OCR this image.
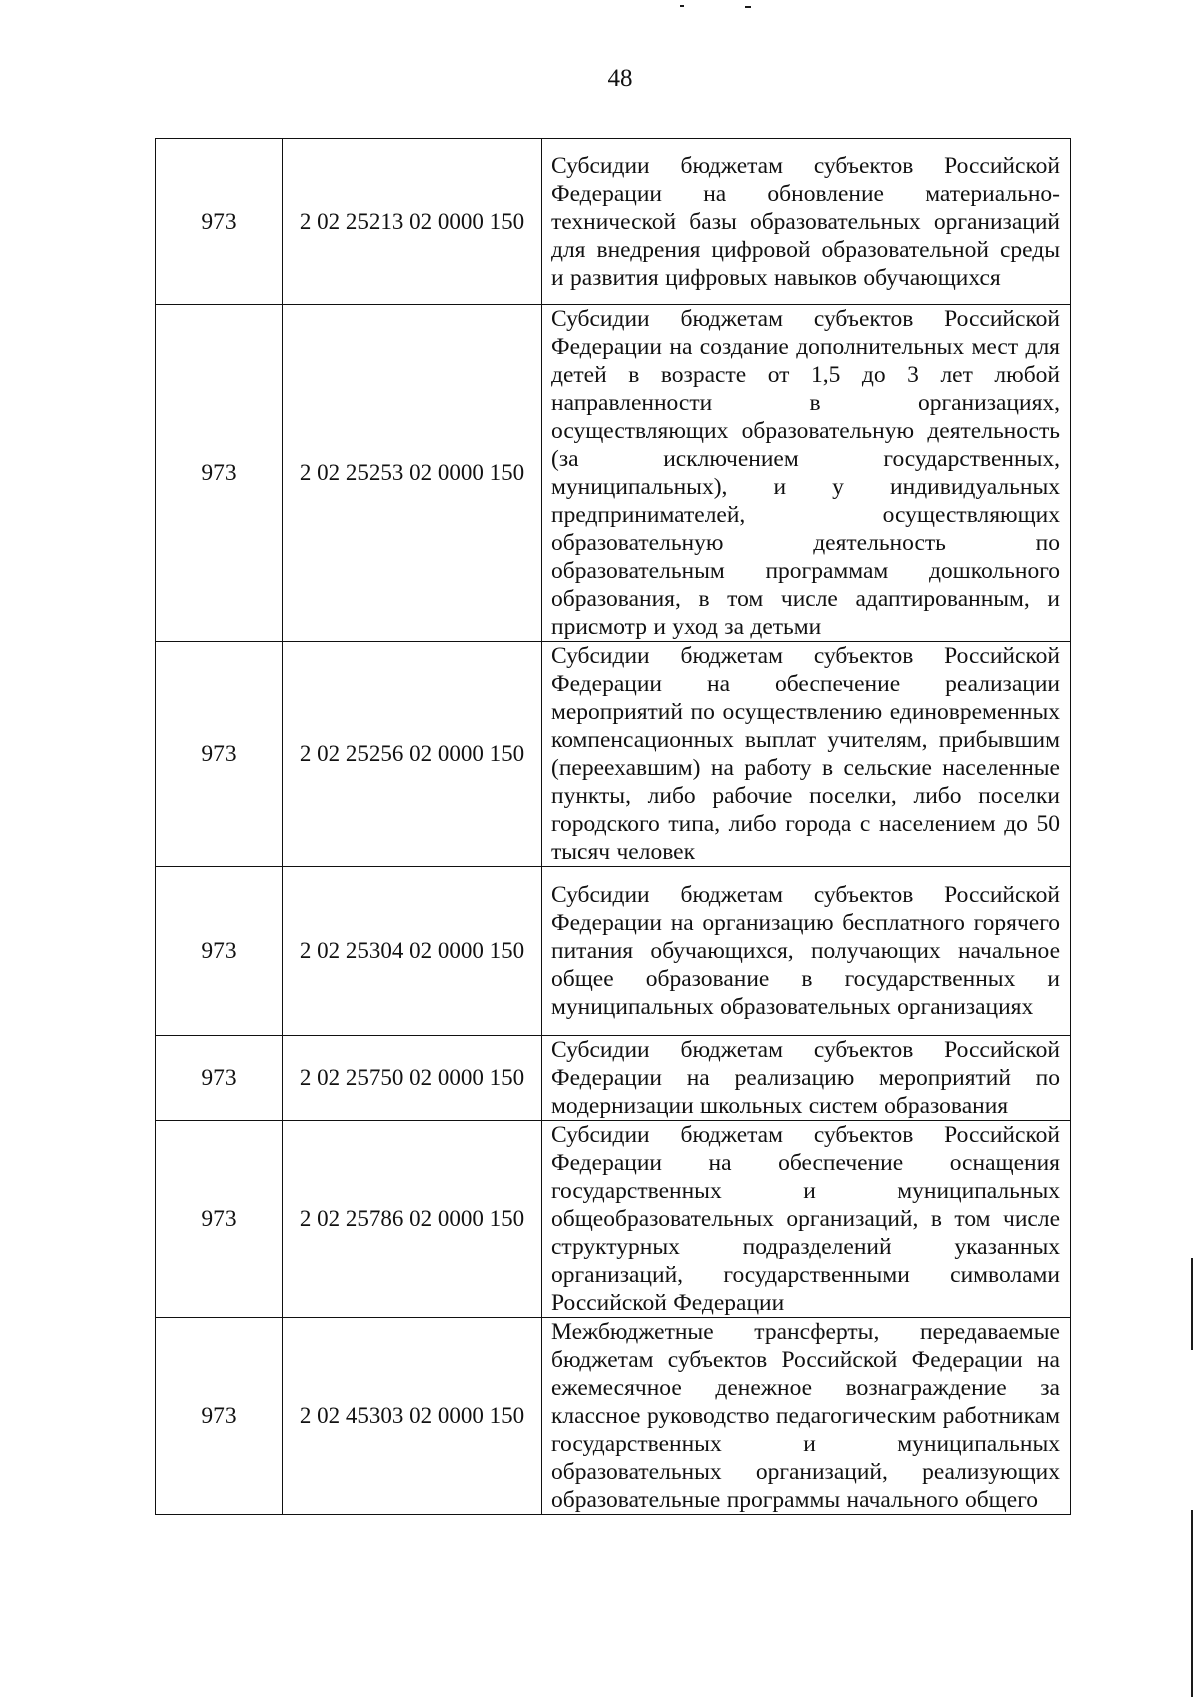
48
973	2 02 25213 02 0000 150	Субсидии бюджетам субъектов Российской Федерации на обновление материально-технической базы образовательных организаций для внедрения цифровой образовательной среды и развития цифровых навыков обучающихся
973	2 02 25253 02 0000 150	Субсидии бюджетам субъектов Российской Федерации на создание дополнительных мест для детей в возрасте от 1,5 до 3 лет любой направленности в организациях, осуществляющих образовательную деятельность (за исключением государственных, муниципальных), и у индивидуальных предпринимателей, осуществляющих образовательную деятельность по образовательным программам дошкольного образования, в том числе адаптированным, и присмотр и уход за детьми
973	2 02 25256 02 0000 150	Субсидии бюджетам субъектов Российской Федерации на обеспечение реализации мероприятий по осуществлению единовременных компенсационных выплат учителям, прибывшим (переехавшим) на работу в сельские населенные пункты, либо рабочие поселки, либо поселки городского типа, либо города с населением до 50 тысяч человек
973	2 02 25304 02 0000 150	Субсидии бюджетам субъектов Российской Федерации на организацию бесплатного горячего питания обучающихся, получающих начальное общее образование в государственных и муниципальных образовательных организациях
973	2 02 25750 02 0000 150	Субсидии бюджетам субъектов Российской Федерации на реализацию мероприятий по модернизации школьных систем образования
973	2 02 25786 02 0000 150	Субсидии бюджетам субъектов Российской Федерации на обеспечение оснащения государственных и муниципальных общеобразовательных организаций, в том числе структурных подразделений указанных организаций, государственными символами Российской Федерации
973	2 02 45303 02 0000 150	Межбюджетные трансферты, передаваемые бюджетам субъектов Российской Федерации на ежемесячное денежное вознаграждение за классное руководство педагогическим работникам государственных и муниципальных образовательных организаций, реализующих образовательные программы начального общего
